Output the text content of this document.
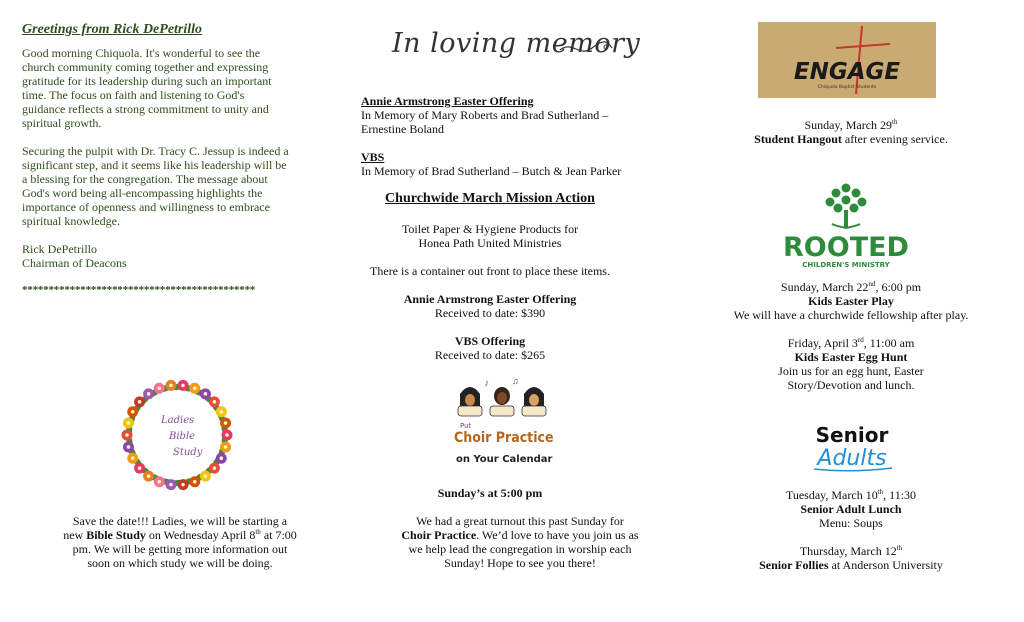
Greetings from Rick DePetrillo

Good morning Chiquola. It's wonderful to see the church community coming together and expressing gratitude for its leadership during such an important time. The focus on faith and listening to God's guidance reflects a strong commitment to unity and spiritual growth.

Securing the pulpit with Dr. Tracy C. Jessup is indeed a significant step, and it seems like his leadership will be a blessing for the congregation. The message about God's word being all-encompassing highlights the importance of openness and willingness to embrace spiritual knowledge.

Rick DePetrillo
Chairman of Deacons
********************************************
Ladies
Bible
Study

Save the date!!! Ladies, we will be starting a new Bible Study on Wednesday April 8th at 7:00 pm. We will be getting more information out soon on which study we will be doing.

In loving memory
Annie Armstrong Easter Offering
In Memory of Mary Roberts and Brad Sutherland –
Ernestine Boland
VBS
In Memory of Brad Sutherland – Butch & Jean Parker
Churchwide March Mission Action
Toilet Paper & Hygiene Products for
Honea Path United Ministries
There is a container out front to place these items.
Annie Armstrong Easter Offering
Received to date: $390
VBS Offering
Received to date: $265
♪	♫
Put
Choir Practice
on Your Calendar
Sunday’s at 5:00 pm

We had a great turnout this past Sunday for Choir Practice. We’d love to have you join us as we help lead the congregation in worship each Sunday! Hope to see you there!

ENGAGE
Chiquola Baptist Students
Sunday, March 29th
Student Hangout after evening service.
ROOTED
CHILDREN'S MINISTRY
Sunday, March 22nd, 6:00 pm
Kids Easter Play
We will have a churchwide fellowship after play.
Friday, April 3rd, 11:00 am
Kids Easter Egg Hunt
Join us for an egg hunt, Easter
Story/Devotion and lunch.
Senior
Adults
Tuesday, March 10th, 11:30
Senior Adult Lunch
Menu: Soups
Thursday, March 12th
Senior Follies at Anderson University
